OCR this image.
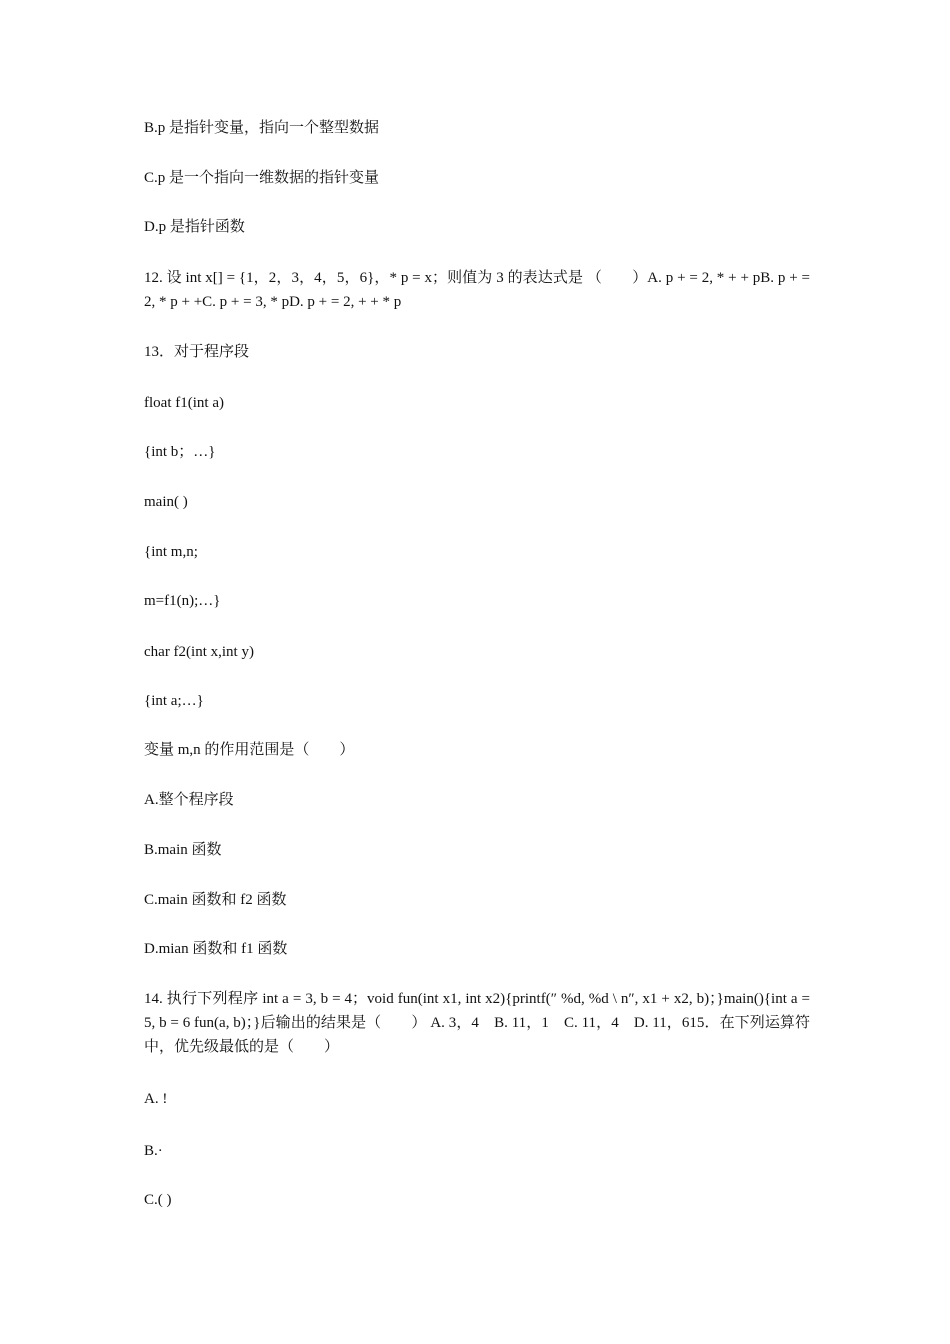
B.p 是指针变量，指向一个整型数据
C.p 是一个指向一维数据的指针变量
D.p 是指针函数
12. 设 int x[] = {1，2，3，4，5，6}，* p = x；则值为 3 的表达式是 （　　）A. p + = 2, * + + pB. p + = 2, * p + +C. p + = 3, * pD. p + = 2, + + * p
13．对于程序段
float f1(int a)
{int b；…}
main( )
{int m,n;
m=f1(n);…}
char f2(int x,int y)
{int a;…}
变量 m,n 的作用范围是（　　）
A.整个程序段
B.main 函数
C.main 函数和 f2 函数
D.mian 函数和 f1 函数
14. 执行下列程序 int a = 3, b = 4；void fun(int x1, int x2){printf(″ %d, %d \ n″, x1 + x2, b)；}main(){int a = 5, b = 6 fun(a, b)；}后输出的结果是（　　） A. 3，4　B. 11，1　C. 11，4　D. 11，615．在下列运算符中，优先级最低的是（　　）
A. !
B.·
C.( )
